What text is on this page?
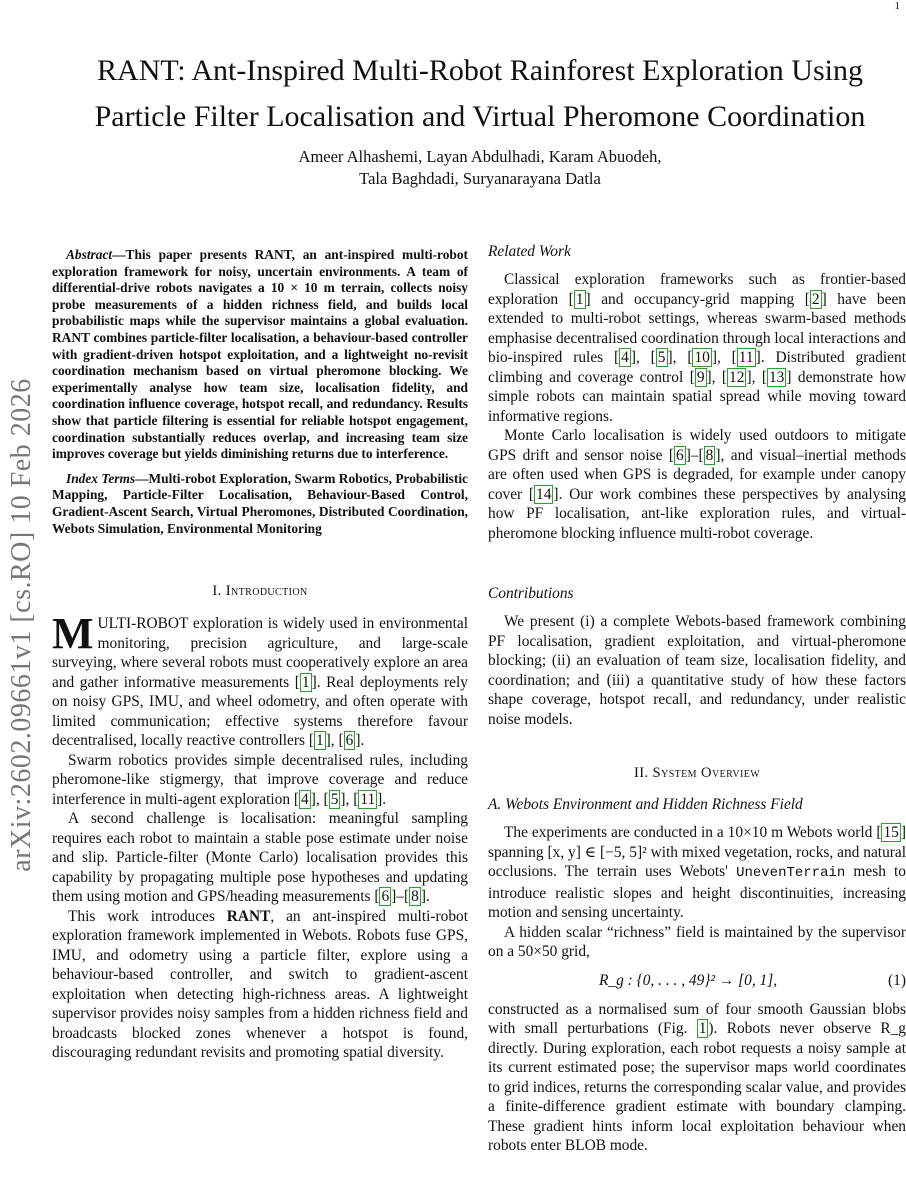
1
arXiv:2602.09661v1 [cs.RO] 10 Feb 2026
RANT: Ant-Inspired Multi-Robot Rainforest Exploration Using Particle Filter Localisation and Virtual Pheromone Coordination
Ameer Alhashemi, Layan Abdulhadi, Karam Abuodeh,
Tala Baghdadi, Suryanarayana Datla

Abstract—This paper presents RANT, an ant-inspired multi-robot exploration framework for noisy, uncertain environments. A team of differential-drive robots navigates a 10 × 10 m terrain, collects noisy probe measurements of a hidden richness field, and builds local probabilistic maps while the supervisor maintains a global evaluation. RANT combines particle-filter localisation, a behaviour-based controller with gradient-driven hotspot exploitation, and a lightweight no-revisit coordination mechanism based on virtual pheromone blocking. We experimentally analyse how team size, localisation fidelity, and coordination influence coverage, hotspot recall, and redundancy. Results show that particle filtering is essential for reliable hotspot engagement, coordination substantially reduces overlap, and increasing team size improves coverage but yields diminishing returns due to interference.

Index Terms—Multi-robot Exploration, Swarm Robotics, Probabilistic Mapping, Particle-Filter Localisation, Behaviour-Based Control, Gradient-Ascent Search, Virtual Pheromones, Distributed Coordination, Webots Simulation, Environmental Monitoring

I. Introduction

MULTI-ROBOT exploration is widely used in environmental monitoring, precision agriculture, and large-scale surveying, where several robots must cooperatively explore an area and gather informative measurements [ 1 ]. Real deployments rely on noisy GPS, IMU, and wheel odometry, and often operate with limited communication; effective systems therefore favour decentralised, locally reactive controllers [ 1 ], [ 6 ].

Swarm robotics provides simple decentralised rules, including pheromone-like stigmergy, that improve coverage and reduce interference in multi-agent exploration [ 4 ], [ 5 ], [ 11 ].

A second challenge is localisation: meaningful sampling requires each robot to maintain a stable pose estimate under noise and slip. Particle-filter (Monte Carlo) localisation provides this capability by propagating multiple pose hypotheses and updating them using motion and GPS/heading measurements [ 6 ]–[ 8 ].

This work introduces RANT, an ant-inspired multi-robot exploration framework implemented in Webots. Robots fuse GPS, IMU, and odometry using a particle filter, explore using a behaviour-based controller, and switch to gradient-ascent exploitation when detecting high-richness areas. A lightweight supervisor provides noisy samples from a hidden richness field and broadcasts blocked zones whenever a hotspot is found, discouraging redundant revisits and promoting spatial diversity.

Related Work

Classical exploration frameworks such as frontier-based exploration [ 1 ] and occupancy-grid mapping [ 2 ] have been extended to multi-robot settings, whereas swarm-based methods emphasise decentralised coordination through local interactions and bio-inspired rules [ 4 ], [ 5 ], [ 10 ], [ 11 ]. Distributed gradient climbing and coverage control [ 9 ], [ 12 ], [ 13 ] demonstrate how simple robots can maintain spatial spread while moving toward informative regions.

Monte Carlo localisation is widely used outdoors to mitigate GPS drift and sensor noise [ 6 ]–[ 8 ], and visual–inertial methods are often used when GPS is degraded, for example under canopy cover [ 14 ]. Our work combines these perspectives by analysing how PF localisation, ant-like exploration rules, and virtual-pheromone blocking influence multi-robot coverage.

Contributions

We present (i) a complete Webots-based framework combining PF localisation, gradient exploitation, and virtual-pheromone blocking; (ii) an evaluation of team size, localisation fidelity, and coordination; and (iii) a quantitative study of how these factors shape coverage, hotspot recall, and redundancy, under realistic noise models.

II. System Overview
A. Webots Environment and Hidden Richness Field

The experiments are conducted in a 10×10 m Webots world [ 15 ] spanning [x, y] ∈ [−5, 5]² with mixed vegetation, rocks, and natural occlusions. The terrain uses Webots' UnevenTerrain mesh to introduce realistic slopes and height discontinuities, increasing motion and sensing uncertainty.

A hidden scalar “richness” field is maintained by the supervisor on a 50×50 grid,

R_g : {0, . . . , 49}² → [0, 1],	(1)

constructed as a normalised sum of four smooth Gaussian blobs with small perturbations (Fig. 1 ). Robots never observe R_g directly. During exploration, each robot requests a noisy sample at its current estimated pose; the supervisor maps world coordinates to grid indices, returns the corresponding scalar value, and provides a finite-difference gradient estimate with boundary clamping. These gradient hints inform local exploitation behaviour when robots enter BLOB mode.
